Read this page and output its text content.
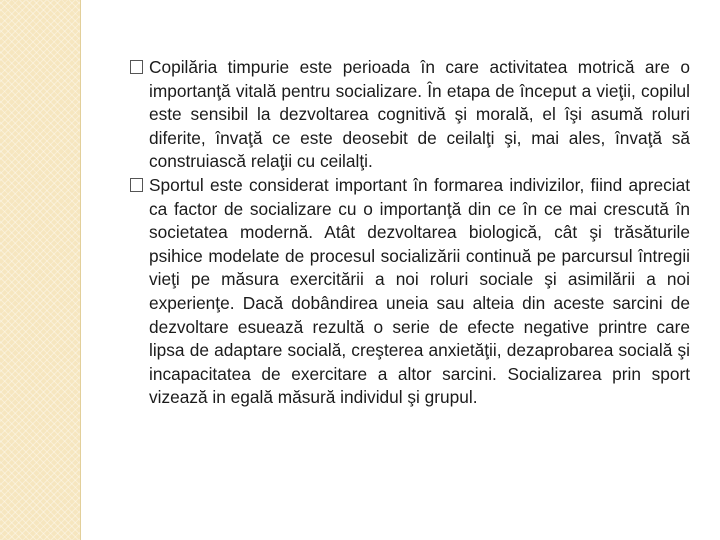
Copilăria timpurie este perioada în care activitatea motrică are o importanţă vitală pentru socializare. În etapa de început a vieţii, copilul este sensibil la dezvoltarea cognitivă şi morală, el îşi asumă roluri diferite, învaţă ce este deosebit de ceilalţi şi, mai ales, învaţă să construiască relaţii cu ceilalţi.
Sportul este considerat important în formarea indivizilor, fiind apreciat ca factor de socializare cu o importanţă din ce în ce mai crescută în societatea modernă. Atât dezvoltarea biologică, cât şi trăsăturile psihice modelate de procesul socializării continuă pe parcursul întregii vieţi pe măsura exercitării a noi roluri sociale şi asimilării a noi experienţe. Dacă dobândirea uneia sau alteia din aceste sarcini de dezvoltare esuează rezultă o serie de efecte negative printre care lipsa de adaptare socială, creşterea anxietăţii, dezaprobarea socială şi incapacitatea de exercitare a altor sarcini. Socializarea prin sport vizează in egală măsură individul şi grupul.
